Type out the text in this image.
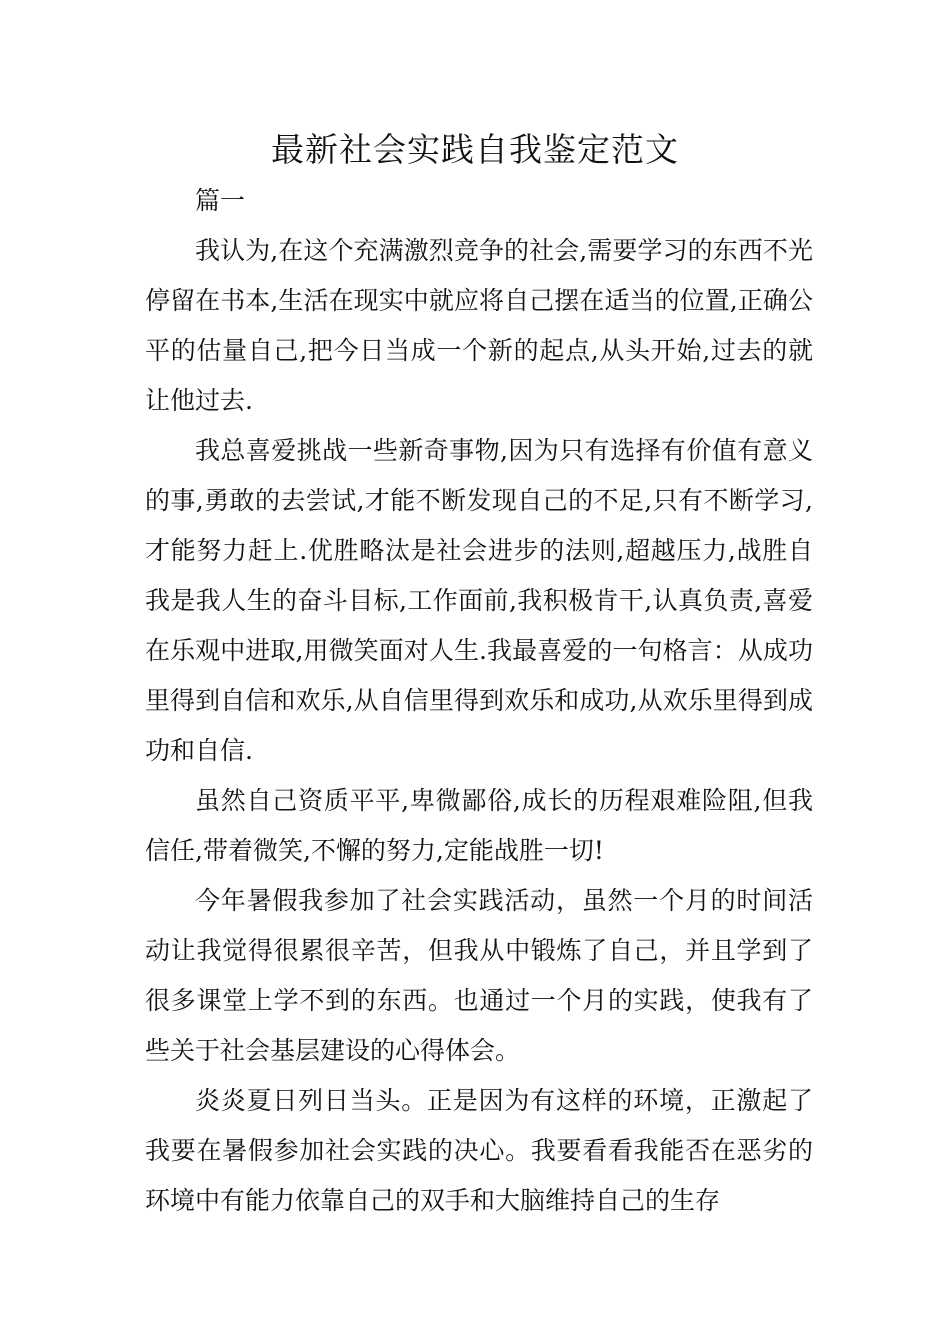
最新社会实践自我鉴定范文

篇一

我认为,在这个充满激烈竞争的社会,需要学习的东西不光停留在书本,生活在现实中就应将自己摆在适当的位置,正确公平的估量自己,把今日当成一个新的起点,从头开始,过去的就让他过去.

我总喜爱挑战一些新奇事物,因为只有选择有价值有意义的事,勇敢的去尝试,才能不断发现自己的不足,只有不断学习,才能努力赶上.优胜略汰是社会进步的法则,超越压力,战胜自我是我人生的奋斗目标,工作面前,我积极肯干,认真负责,喜爱在乐观中进取,用微笑面对人生.我最喜爱的一句格言：从成功里得到自信和欢乐,从自信里得到欢乐和成功,从欢乐里得到成功和自信.

虽然自己资质平平,卑微鄙俗,成长的历程艰难险阻,但我信任,带着微笑,不懈的努力,定能战胜一切!

今年暑假我参加了社会实践活动，虽然一个月的时间活动让我觉得很累很辛苦，但我从中锻炼了自己，并且学到了很多课堂上学不到的东西。也通过一个月的实践，使我有了些关于社会基层建设的心得体会。

炎炎夏日列日当头。正是因为有这样的环境，正激起了我要在暑假参加社会实践的决心。我要看看我能否在恶劣的环境中有能力依靠自己的双手和大脑维持自己的生存
